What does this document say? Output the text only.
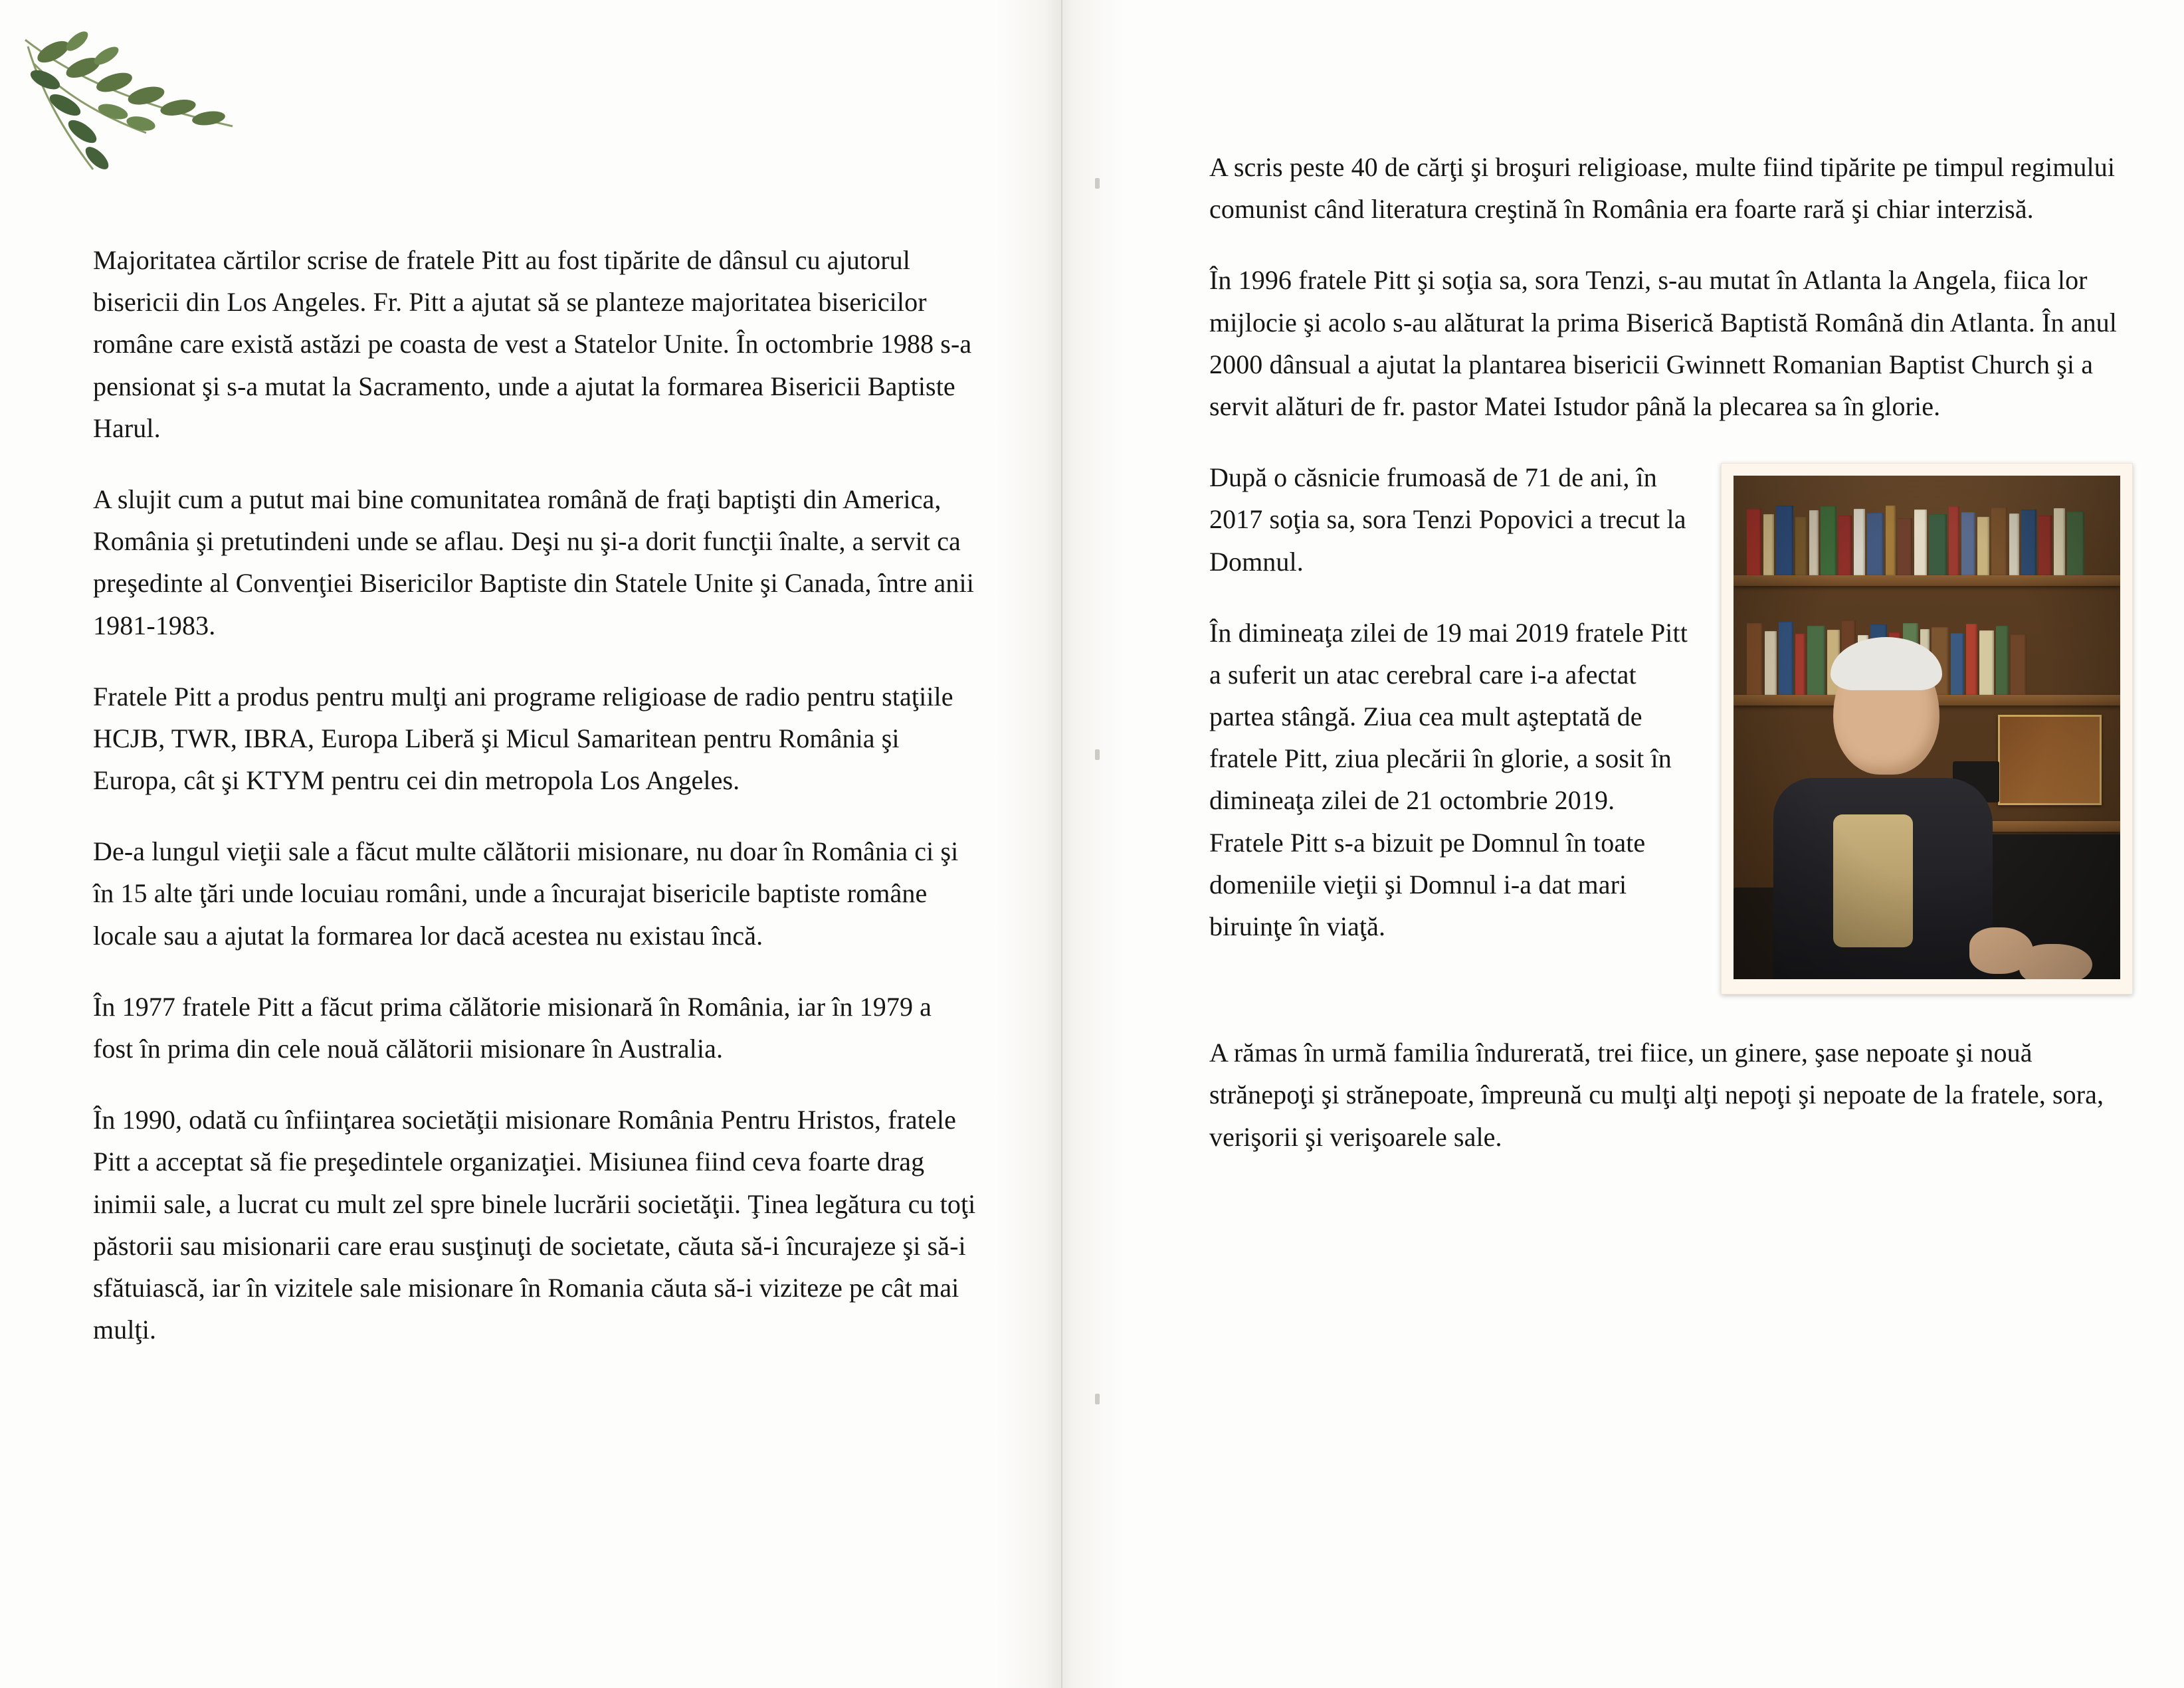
Majoritatea cărtilor scrise de fratele Pitt au fost tipărite de dânsul cu ajutorul bisericii din Los Angeles. Fr. Pitt a ajutat să se planteze majoritatea bisericilor române care există astăzi pe coasta de vest a Statelor Unite. În octombrie 1988 s-a pensionat şi s-a mutat la Sacramento, unde a ajutat la formarea Bisericii Baptiste Harul.

A slujit cum a putut mai bine comunitatea română de fraţi baptişti din America, România şi pretutindeni unde se aflau. Deşi nu şi-a dorit funcţii înalte, a servit ca preşedinte al Convenţiei Bisericilor Baptiste din Statele Unite şi Canada, între anii 1981-1983.

Fratele Pitt a produs pentru mulţi ani programe religioase de radio pentru staţiile HCJB, TWR, IBRA, Europa Liberă şi Micul Samaritean pentru România şi Europa, cât şi KTYM pentru cei din metropola Los Angeles.

De-a lungul vieţii sale a făcut multe călătorii misionare, nu doar în România ci şi în 15 alte ţări unde locuiau români, unde a încurajat bisericile baptiste române locale sau a ajutat la formarea lor dacă acestea nu existau încă.

În 1977 fratele Pitt a făcut prima călătorie misionară în România, iar în 1979 a fost în prima din cele nouă călătorii misionare în Australia.

În 1990, odată cu înfiinţarea societăţii misionare România Pentru Hristos, fratele Pitt a acceptat să fie preşedintele organizaţiei. Misiunea fiind ceva foarte drag inimii sale, a lucrat cu mult zel spre binele lucrării societăţii. Ţinea legătura cu toţi păstorii sau misionarii care erau susţinuţi de societate, căuta să-i încurajeze şi să-i sfătuiască, iar în vizitele sale misionare în Romania căuta să-i viziteze pe cât mai mulţi.

A scris peste 40 de cărţi şi broşuri religioase, multe fiind tipărite pe timpul regimului comunist când literatura creştină în România era foarte rară şi chiar interzisă.

În 1996 fratele Pitt şi soţia sa, sora Tenzi, s-au mutat în Atlanta la Angela, fiica lor mijlocie şi acolo s-au alăturat la prima Biserică Baptistă Română din Atlanta. În anul 2000 dânsual a ajutat la plantarea bisericii Gwinnett Romanian Baptist Church şi a servit alături de fr. pastor Matei Istudor până la plecarea sa în glorie.

După o căsnicie frumoasă de 71 de ani, în 2017 soţia sa, sora Tenzi Popovici a trecut la Domnul.

În dimineaţa zilei de 19 mai 2019 fratele Pitt a suferit un atac cerebral care i-a afectat partea stângă. Ziua cea mult aşteptată de fratele Pitt, ziua plecării în glorie, a sosit în dimineaţa zilei de 21 octombrie 2019. Fratele Pitt s-a bizuit pe Domnul în toate domeniile vieţii şi Domnul i-a dat mari biruinţe în viaţă.

A rămas în urmă familia îndurerată, trei fiice, un ginere, şase nepoate şi nouă strănepoţi şi strănepoate, împreună cu mulţi alţi nepoţi şi nepoate de la fratele, sora, verişorii şi verişoarele sale.
